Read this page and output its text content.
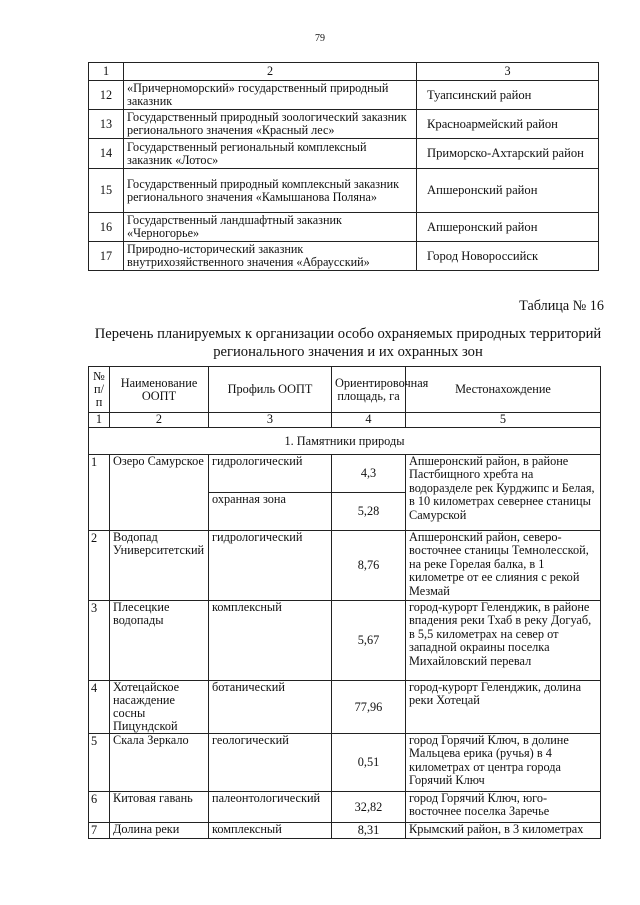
79
1	2	3
12	«Причерноморский» государственный природный заказник	Туапсинский район
13	Государственный природный зоологический заказник регионального значения «Красный лес»	Красноармейский район
14	Государственный региональный комплексный заказник «Лотос»	Приморско-Ахтарский район
15	Государственный природный комплексный заказник регионального значения «Камышанова Поляна»	Апшеронский район
16	Государственный ландшафтный заказник «Черногорье»	Апшеронский район
17	Природно-исторический заказник внутрихозяйственного значения «Абраусский»	Город Новороссийск
Таблица № 16
Перечень планируемых к организации особо охраняемых природных территорий регионального значения и их охранных зон
№ п/п	Наименование ООПТ	Профиль ООПТ	Ориентировочная площадь, га	Местонахождение
1	2	3	4	5
1. Памятники природы				
1	Озеро Самурское	гидрологический	4,3	Апшеронский район, в районе Пастбищного хребта на водоразделе рек Курджипс и Белая, в 10 километрах севернее станицы Самурской
		охранная зона	5,28	
2	Водопад Университетский	гидрологический	8,76	Апшеронский район, северо-восточнее станицы Темнолесской, на реке Горелая балка, в 1 километре от ее слияния с рекой Мезмай
3	Плесецкие водопады	комплексный	5,67	город-курорт Геленджик, в районе впадения реки Тхаб в реку Догуаб, в 5,5 километрах на север от западной окраины поселка Михайловский перевал
4	Хотецайское насаждение сосны Пицундской	ботанический	77,96	город-курорт Геленджик, долина реки Хотецай
5	Скала Зеркало	геологический	0,51	город Горячий Ключ, в долине Мальцева ерика (ручья) в 4 километрах от центра города Горячий Ключ
6	Китовая гавань	палеонтологический	32,82	город Горячий Ключ, юго-восточнее поселка Заречье
7	Долина реки	комплексный	8,31	Крымский район, в 3 километрах
